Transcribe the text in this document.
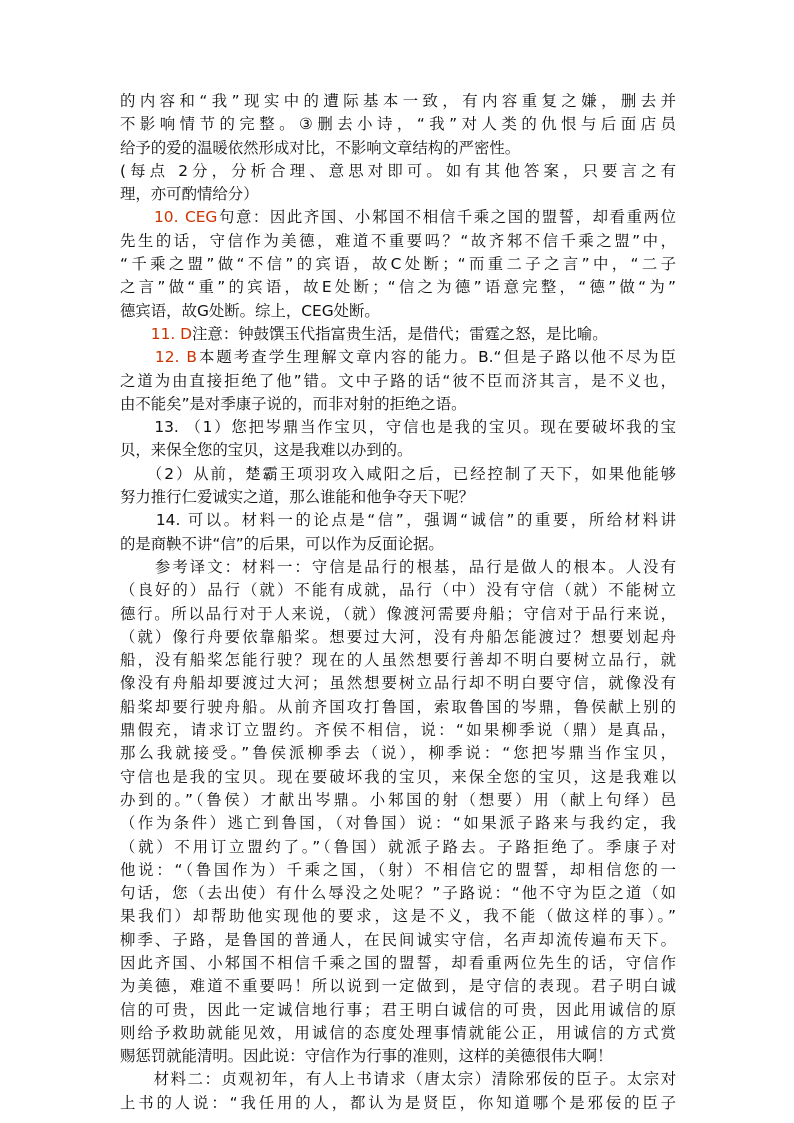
的内容和“我”现实中的遭际基本一致，有内容重复之嫌，删去并
不影响情节的完整。③删去小诗，“我”对人类的仇恨与后面店员
给予的爱的温暖依然形成对比，不影响文章结构的严密性。
(每点 2分，分析合理、意思对即可。如有其他答案，只要言之有
理，亦可酌情给分）
　　10. CEG句意：因此齐国、小邾国不相信千乘之国的盟誓，却看重两位
先生的话，守信作为美德，难道不重要吗？“故齐邾不信千乘之盟”中，
“千乘之盟”做“不信”的宾语，故C处断；“而重二子之言”中，“二子
之言”做“重”的宾语，故E处断；“信之为德”语意完整，“德”做“为”
德宾语，故G处断。综上，CEG处断。
　　11. D注意：钟鼓馔玉代指富贵生活，是借代；雷霆之怒，是比喻。
　　12. B本题考查学生理解文章内容的能力。B.“但是子路以他不尽为臣
之道为由直接拒绝了他”错。文中子路的话“彼不臣而济其言，是不义也，
由不能矣”是对季康子说的，而非对射的拒绝之语。
　　13. （1）您把岑鼎当作宝贝，守信也是我的宝贝。现在要破坏我的宝
贝，来保全您的宝贝，这是我难以办到的。
　　（2）从前，楚霸王项羽攻入咸阳之后，已经控制了天下，如果他能够
努力推行仁爱诚实之道，那么谁能和他争夺天下呢？
　　14. 可以。材料一的论点是“信”，强调“诚信”的重要，所给材料讲
的是商鞅不讲“信”的后果，可以作为反面论据。
　　参考译文：材料一：守信是品行的根基，品行是做人的根本。人没有
（良好的）品行（就）不能有成就，品行（中）没有守信（就）不能树立
德行。所以品行对于人来说，（就）像渡河需要舟船；守信对于品行来说，
（就）像行舟要依靠船桨。想要过大河，没有舟船怎能渡过？想要划起舟
船，没有船桨怎能行驶？现在的人虽然想要行善却不明白要树立品行，就
像没有舟船却要渡过大河；虽然想要树立品行却不明白要守信，就像没有
船桨却要行驶舟船。从前齐国攻打鲁国，索取鲁国的岑鼎，鲁侯献上别的
鼎假充，请求订立盟约。齐侯不相信，说：“如果柳季说（鼎）是真品，
那么我就接受。”鲁侯派柳季去（说），柳季说：“您把岑鼎当作宝贝，
守信也是我的宝贝。现在要破坏我的宝贝，来保全您的宝贝，这是我难以
办到的。”（鲁侯）才献出岑鼎。小邾国的射（想要）用（献上句绎）邑
（作为条件）逃亡到鲁国，（对鲁国）说：“如果派子路来与我约定，我
（就）不用订立盟约了。”（鲁国）就派子路去。子路拒绝了。季康子对
他说：“（鲁国作为）千乘之国，（射）不相信它的盟誓，却相信您的一
句话，您（去出使）有什么辱没之处呢？”子路说：“他不守为臣之道（如
果我们）却帮助他实现他的要求，这是不义，我不能（做这样的事）。”
柳季、子路，是鲁国的普通人，在民间诚实守信，名声却流传遍布天下。
因此齐国、小邾国不相信千乘之国的盟誓，却看重两位先生的话，守信作
为美德，难道不重要吗！所以说到一定做到，是守信的表现。君子明白诚
信的可贵，因此一定诚信地行事；君王明白诚信的可贵，因此用诚信的原
则给予救助就能见效，用诚信的态度处理事情就能公正，用诚信的方式赏
赐惩罚就能清明。因此说：守信作为行事的准则，这样的美德很伟大啊！
　　材料二：贞观初年，有人上书请求（唐太宗）清除邪佞的臣子。太宗对
上书的人说：“我任用的人，都认为是贤臣，你知道哪个是邪佞的臣子
